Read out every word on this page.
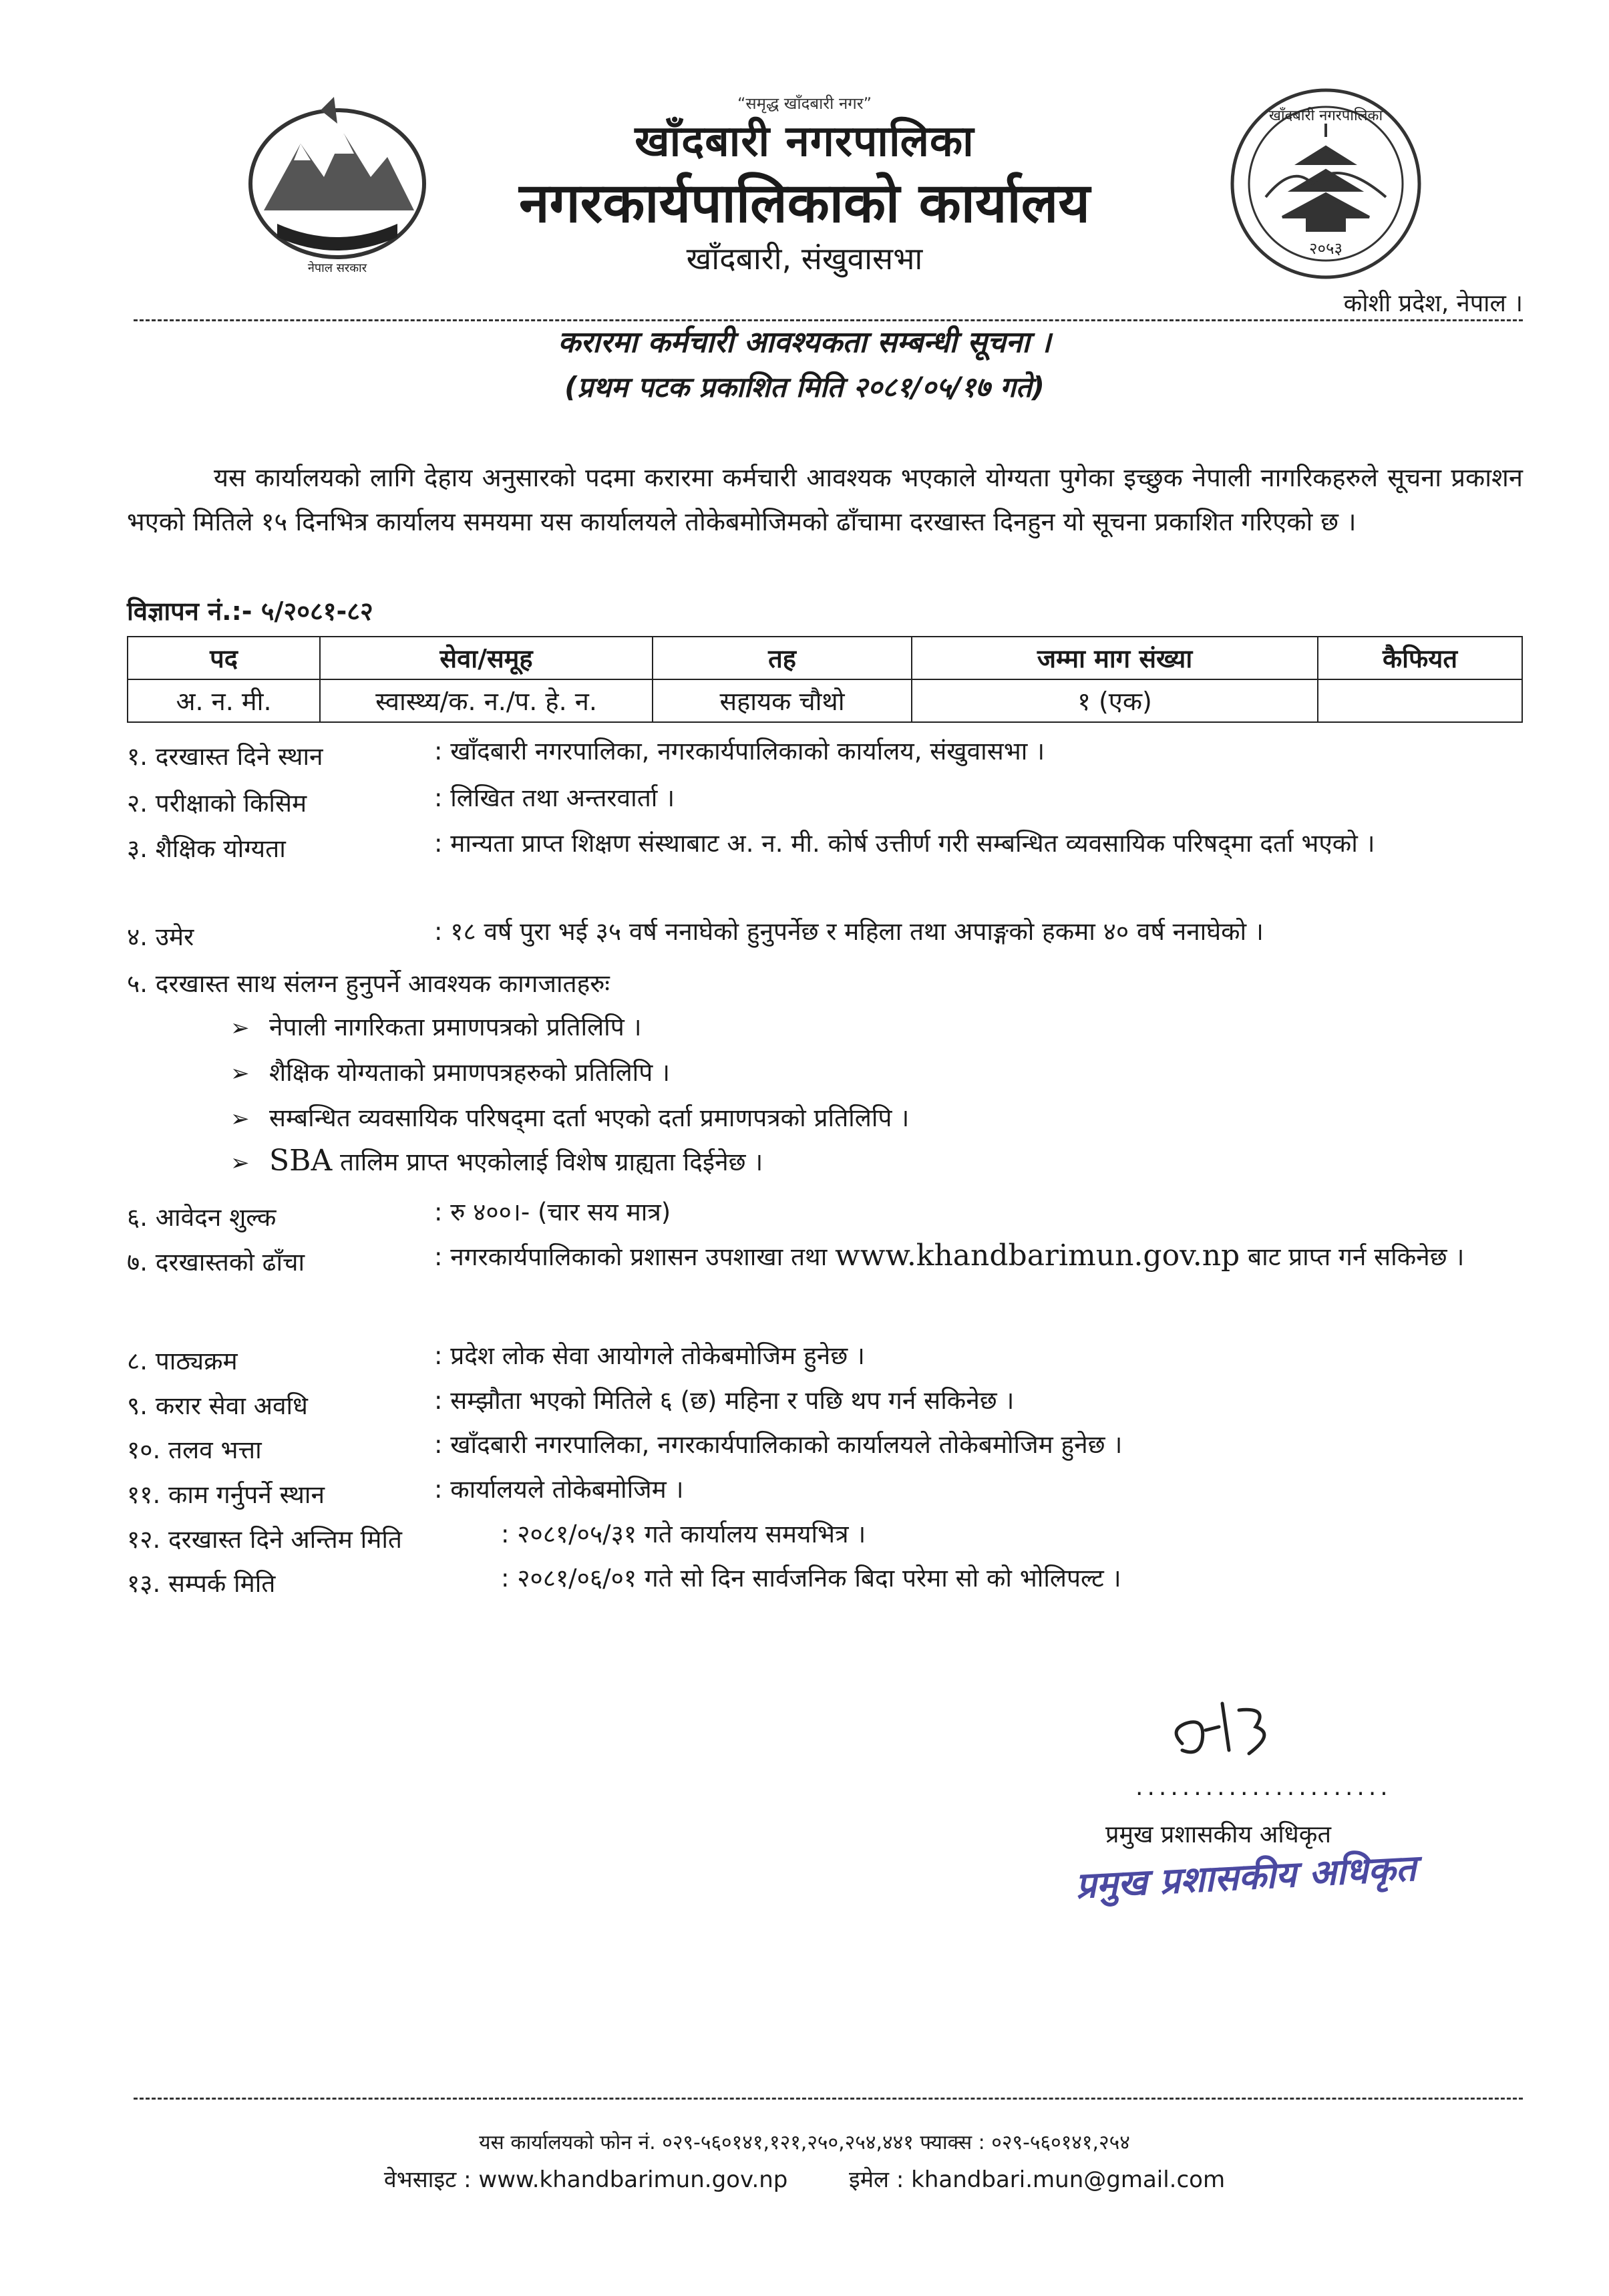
नेपाल सरकार
“समृद्ध खाँदबारी नगर”
खाँदबारी नगरपालिका
नगरकार्यपालिकाको कार्यालय
खाँदबारी, संखुवासभा
खाँदबारी नगरपालिका
२०५३
कोशी प्रदेश, नेपाल ।
करारमा कर्मचारी आवश्यकता सम्बन्धी सूचना ।
(प्रथम पटक प्रकाशित मिति २०८१/०५/१७ गते)
यस कार्यालयको लागि देहाय अनुसारको पदमा करारमा कर्मचारी आवश्यक भएकाले योग्यता पुगेका इच्छुक नेपाली नागरिकहरुले सूचना प्रकाशन भएको मितिले १५ दिनभित्र कार्यालय समयमा यस कार्यालयले तोकेबमोजिमको ढाँचामा दरखास्त दिनहुन यो सूचना प्रकाशित गरिएको छ ।
विज्ञापन नं.:- ५/२०८१-८२
पद	सेवा/समूह	तह	जम्मा माग संख्या	कैफियत
अ. न. मी.	स्वास्थ्य/क. न./प. हे. न.	सहायक चौथो	१ (एक)	
१. दरखास्त दिने स्थान	: खाँदबारी नगरपालिका, नगरकार्यपालिकाको कार्यालय, संखुवासभा ।
२. परीक्षाको किसिम	: लिखित तथा अन्तरवार्ता ।
३. शैक्षिक योग्यता	: मान्यता प्राप्त शिक्षण संस्थाबाट अ. न. मी. कोर्ष उत्तीर्ण गरी सम्बन्धित व्यवसायिक परिषद्‌मा दर्ता भएको ।
४. उमेर	: १८ वर्ष पुरा भई ३५ वर्ष ननाघेको हुनुपर्नेछ र महिला तथा अपाङ्गको हकमा ४० वर्ष ननाघेको ।
५. दरखास्त साथ संलग्न हुनुपर्ने आवश्यक कागजातहरुः
➢ नेपाली नागरिकता प्रमाणपत्रको प्रतिलिपि ।
➢ शैक्षिक योग्यताको प्रमाणपत्रहरुको प्रतिलिपि ।
➢ सम्बन्धित व्यवसायिक परिषद्‌मा दर्ता भएको दर्ता प्रमाणपत्रको प्रतिलिपि ।
➢ SBA तालिम प्राप्त भएकोलाई विशेष ग्राह्यता दिईनेछ ।
६. आवेदन शुल्क	: रु ४००।- (चार सय मात्र)
७. दरखास्तको ढाँचा	: नगरकार्यपालिकाको प्रशासन उपशाखा तथा www.khandbarimun.gov.np बाट प्राप्त गर्न सकिनेछ ।
८. पाठ्यक्रम	: प्रदेश लोक सेवा आयोगले तोकेबमोजिम हुनेछ ।
९. करार सेवा अवधि	: सम्झौता भएको मितिले ६ (छ) महिना र पछि थप गर्न सकिनेछ ।
१०. तलव भत्ता	: खाँदबारी नगरपालिका, नगरकार्यपालिकाको कार्यालयले तोकेबमोजिम हुनेछ ।
११. काम गर्नुपर्ने स्थान	: कार्यालयले तोकेबमोजिम ।
१२. दरखास्त दिने अन्तिम मिति	: २०८१/०५/३१ गते कार्यालय समयभित्र ।
१३. सम्पर्क मिति	: २०८१/०६/०१ गते सो दिन सार्वजनिक बिदा परेमा सो को भोलिपल्ट ।
......................
प्रमुख प्रशासकीय अधिकृत
प्रमुख प्रशासकीय अधिकृत
यस कार्यालयको फोन नं. ०२९-५६०१४१,१२१,२५०,२५४,४४१ फ्याक्स : ०२९-५६०१४१,२५४
वेभसाइट : www.khandbarimun.gov.np	इमेल : khandbari.mun@gmail.com
